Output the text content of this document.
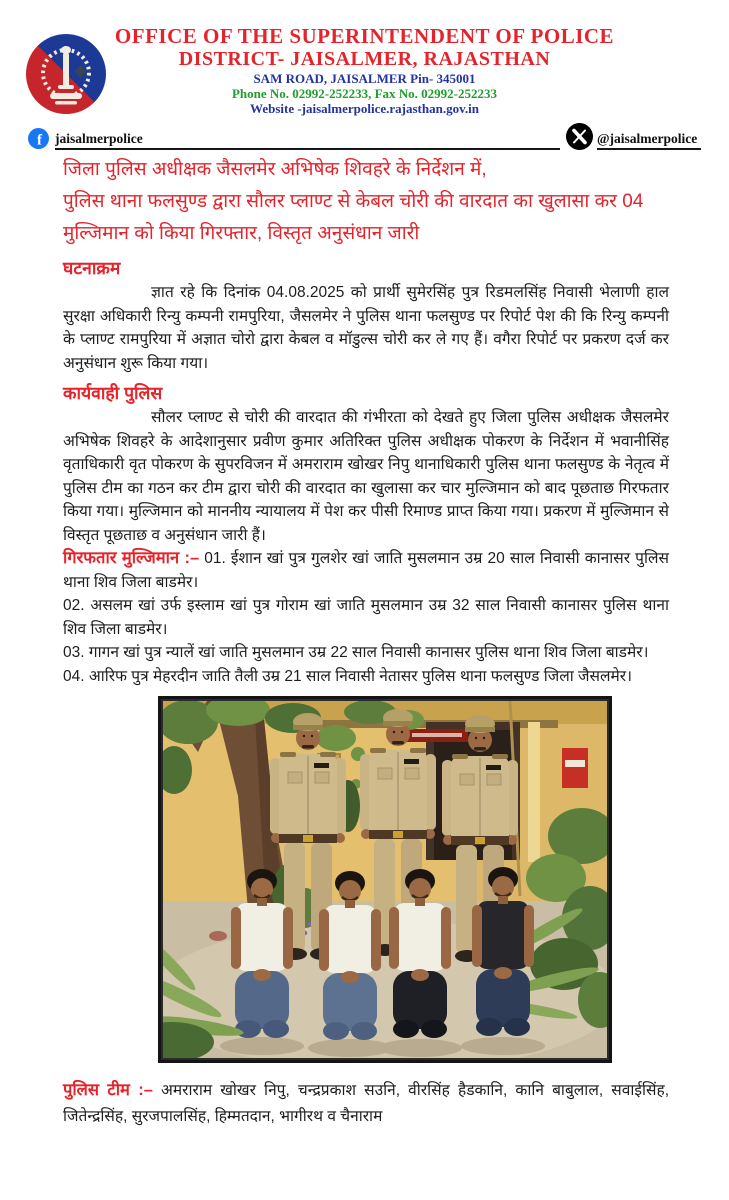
OFFICE OF THE SUPERINTENDENT OF POLICE
DISTRICT- JAISALMER, RAJASTHAN
SAM ROAD, JAISALMER Pin- 345001
Phone No. 02992-252233, Fax No. 02992-252233
Website -jaisalmerpolice.rajasthan.gov.in
f jaisalmerpolice	@jaisalmerpolice
जिला पुलिस अधीक्षक जैसलमेर अभिषेक शिवहरे के निर्देशन में,
पुलिस थाना फलसुण्ड द्वारा सौलर प्लाण्ट से केबल चोरी की वारदात का खुलासा कर 04
मुल्जिमान को किया गिरफ्तार, विस्तृत अनुसंधान जारी
घटनाक्रम

ज्ञात रहे कि दिनांक 04.08.2025 को प्रार्थी सुमेरसिंह पुत्र रिडमलसिंह निवासी भेलाणी हाल सुरक्षा अधिकारी रिन्यु कम्पनी रामपुरिया, जैसलमेर ने पुलिस थाना फलसुण्ड पर रिपोर्ट पेश की कि रिन्यु कम्पनी के प्लाण्ट रामपुरिया में अज्ञात चोरो द्वारा केबल व मॉडुल्स चोरी कर ले गए हैं। वगैरा रिपोर्ट पर प्रकरण दर्ज कर अनुसंधान शुरू किया गया।

कार्यवाही पुलिस

सौलर प्लाण्ट से चोरी की वारदात की गंभीरता को देखते हुए जिला पुलिस अधीक्षक जैसलमेर अभिषेक शिवहरे के आदेशानुसार प्रवीण कुमार अतिरिक्त पुलिस अधीक्षक पोकरण के निर्देशन में भवानीसिंह वृताधिकारी वृत पोकरण के सुपरविजन में अमराराम खोखर निपु थानाधिकारी पुलिस थाना फलसुण्ड के नेतृत्व में पुलिस टीम का गठन कर टीम द्वारा चोरी की वारदात का खुलासा कर चार मुल्जिमान को बाद पूछताछ गिरफतार किया गया। मुल्जिमान को माननीय न्यायालय में पेश कर पीसी रिमाण्ड प्राप्त किया गया। प्रकरण में मुल्जिमान से विस्तृत पूछताछ व अनुसंधान जारी हैं।

गिरफतार मुल्जिमान :– 01. ईशान खां पुत्र गुलशेर खां जाति मुसलमान उम्र 20 साल निवासी कानासर पुलिस थाना शिव जिला बाडमेर।

02. असलम खां उर्फ इस्लाम खां पुत्र गोराम खां जाति मुसलमान उम्र 32 साल निवासी कानासर पुलिस थाना शिव जिला बाडमेर।

03. गागन खां पुत्र न्यालें खां जाति मुसलमान उम्र 22 साल निवासी कानासर पुलिस थाना शिव जिला बाडमेर।

04. आरिफ पुत्र मेहरदीन जाति तैली उम्र 21 साल निवासी नेतासर पुलिस थाना फलसुण्ड जिला जैसलमेर।

पुलिस टीम :– अमराराम खोखर निपु, चन्द्रप्रकाश सउनि, वीरसिंह हैडकानि, कानि बाबुलाल, सवाईसिंह, जितेन्द्रसिंह, सुरजपालसिंह, हिम्मतदान, भागीरथ व चैनाराम
